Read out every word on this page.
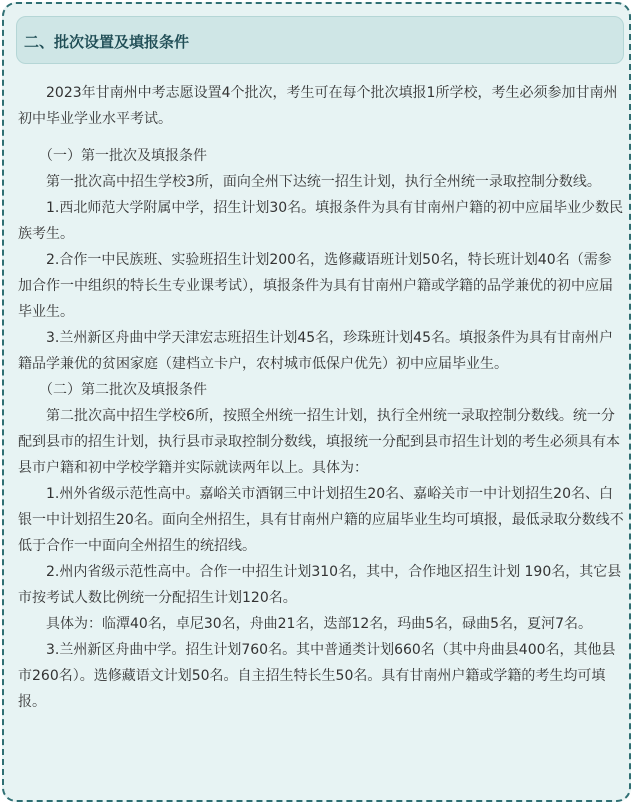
二、批次设置及填报条件

　　2023年甘南州中考志愿设置4个批次，考生可在每个批次填报1所学校，考生必须参加甘南州初中毕业学业水平考试。

　　（一）第一批次及填报条件

　　第一批次高中招生学校3所，面向全州下达统一招生计划，执行全州统一录取控制分数线。

　　1.西北师范大学附属中学，招生计划30名。填报条件为具有甘南州户籍的初中应届毕业少数民族考生。

　　2.合作一中民族班、实验班招生计划200名，选修藏语班计划50名，特长班计划40名（需参加合作一中组织的特长生专业课考试），填报条件为具有甘南州户籍或学籍的品学兼优的初中应届毕业生。

　　3.兰州新区舟曲中学天津宏志班招生计划45名，珍珠班计划45名。填报条件为具有甘南州户籍品学兼优的贫困家庭（建档立卡户，农村城市低保户优先）初中应届毕业生。

　　（二）第二批次及填报条件

　　第二批次高中招生学校6所，按照全州统一招生计划，执行全州统一录取控制分数线。统一分配到县市的招生计划，执行县市录取控制分数线，填报统一分配到县市招生计划的考生必须具有本县市户籍和初中学校学籍并实际就读两年以上。具体为：

　　1.州外省级示范性高中。嘉峪关市酒钢三中计划招生20名、嘉峪关市一中计划招生20名、白银一中计划招生20名。面向全州招生，具有甘南州户籍的应届毕业生均可填报，最低录取分数线不低于合作一中面向全州招生的统招线。

　　2.州内省级示范性高中。合作一中招生计划310名，其中，合作地区招生计划 190名，其它县市按考试人数比例统一分配招生计划120名。

　　具体为：临潭40名，卓尼30名，舟曲21名，迭部12名，玛曲5名，碌曲5名，夏河7名。

　　3.兰州新区舟曲中学。招生计划760名。其中普通类计划660名（其中舟曲县400名，其他县市260名）。选修藏语文计划50名。自主招生特长生50名。具有甘南州户籍或学籍的考生均可填报。
